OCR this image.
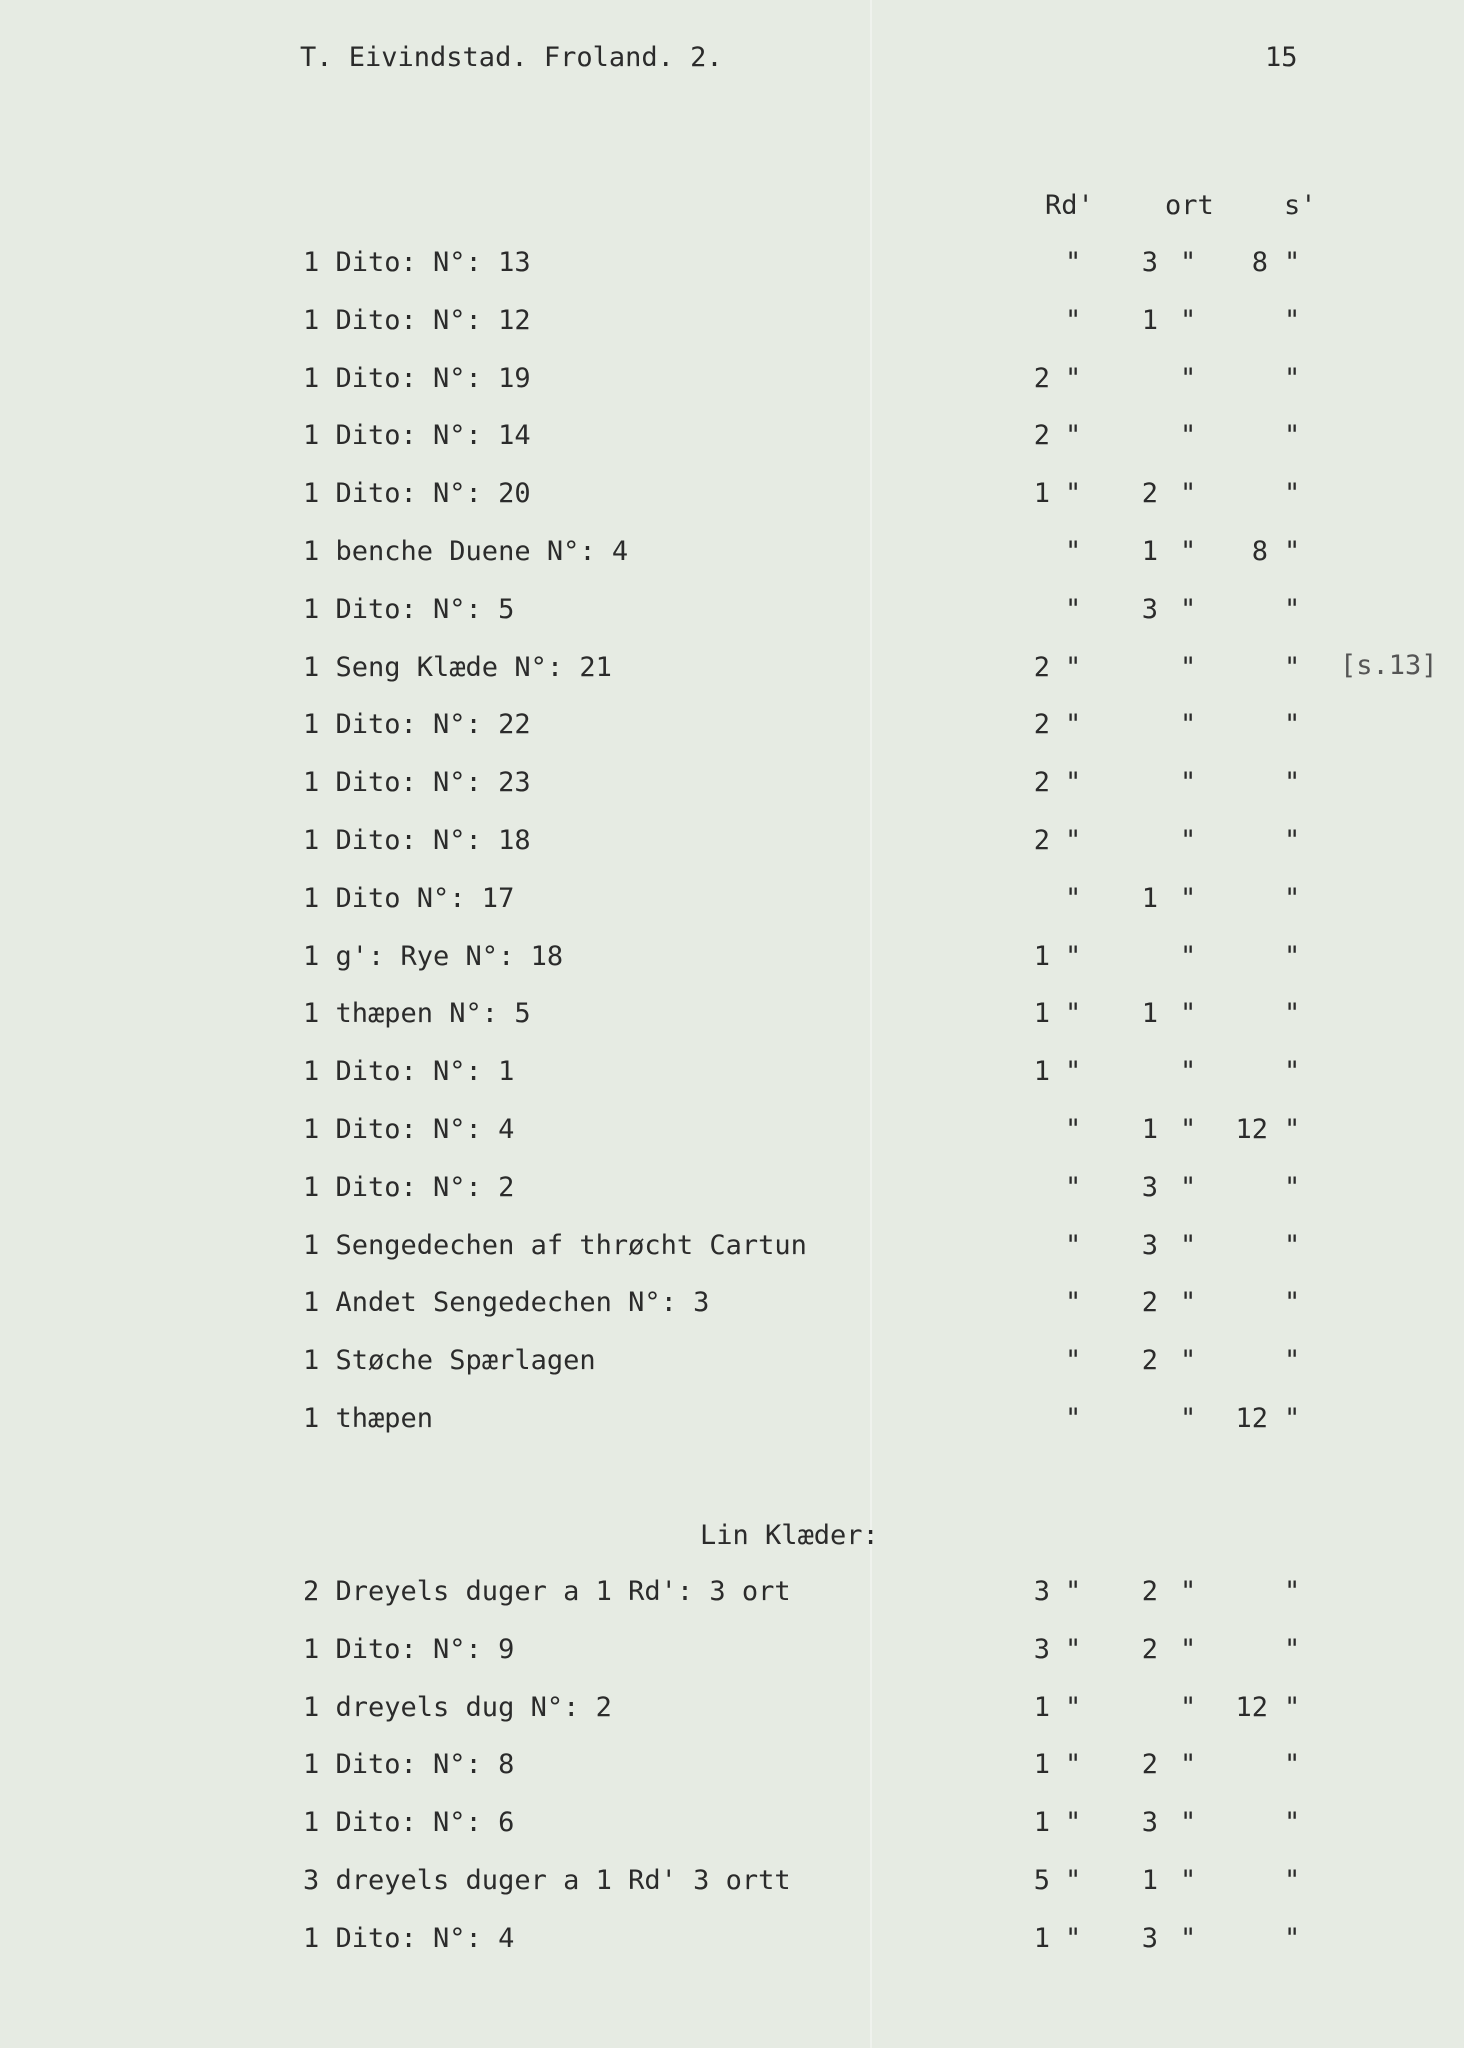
T. Eivindstad. Froland. 2.	15
Rd'	ort	s'
1 Dito: N°: 13	"	3 "	8 "
1 Dito: N°: 12	"	1 "	"
1 Dito: N°: 19	2 "	"	"
1 Dito: N°: 14	2 "	"	"
1 Dito: N°: 20	1 "	2 "	"
1 benche Duene N°: 4	"	1 "	8 "
1 Dito: N°: 5	"	3 "	"
1 Seng Klæde N°: 21	2 "	"	"
1 Dito: N°: 22	2 "	"	"
1 Dito: N°: 23	2 "	"	"
1 Dito: N°: 18	2 "	"	"
1 Dito N°: 17	"	1 "	"
1 g': Rye N°: 18	1 "	"	"
1 thæpen N°: 5	1 "	1 "	"
1 Dito: N°: 1	1 "	"	"
1 Dito: N°: 4	"	1 " 12 "
1 Dito: N°: 2	"	3 "	"
1 Sengedechen af thrøcht Cartun	"	3 "	"
1 Andet Sengedechen N°: 3	"	2 "	"
1 Støche Spærlagen	"	2 "	"
1 thæpen	"	" 12 "
[s.13]
Lin Klæder:
2 Dreyels duger a 1 Rd': 3 ort	3 "	2 "	"
1 Dito: N°: 9	3 "	2 "	"
1 dreyels dug N°: 2	1 "	" 12 "
1 Dito: N°: 8	1 "	2 "	"
1 Dito: N°: 6	1 "	3 "	"
3 dreyels duger a 1 Rd' 3 ortt	5 "	1 "	"
1 Dito: N°: 4	1 "	3 "	"
